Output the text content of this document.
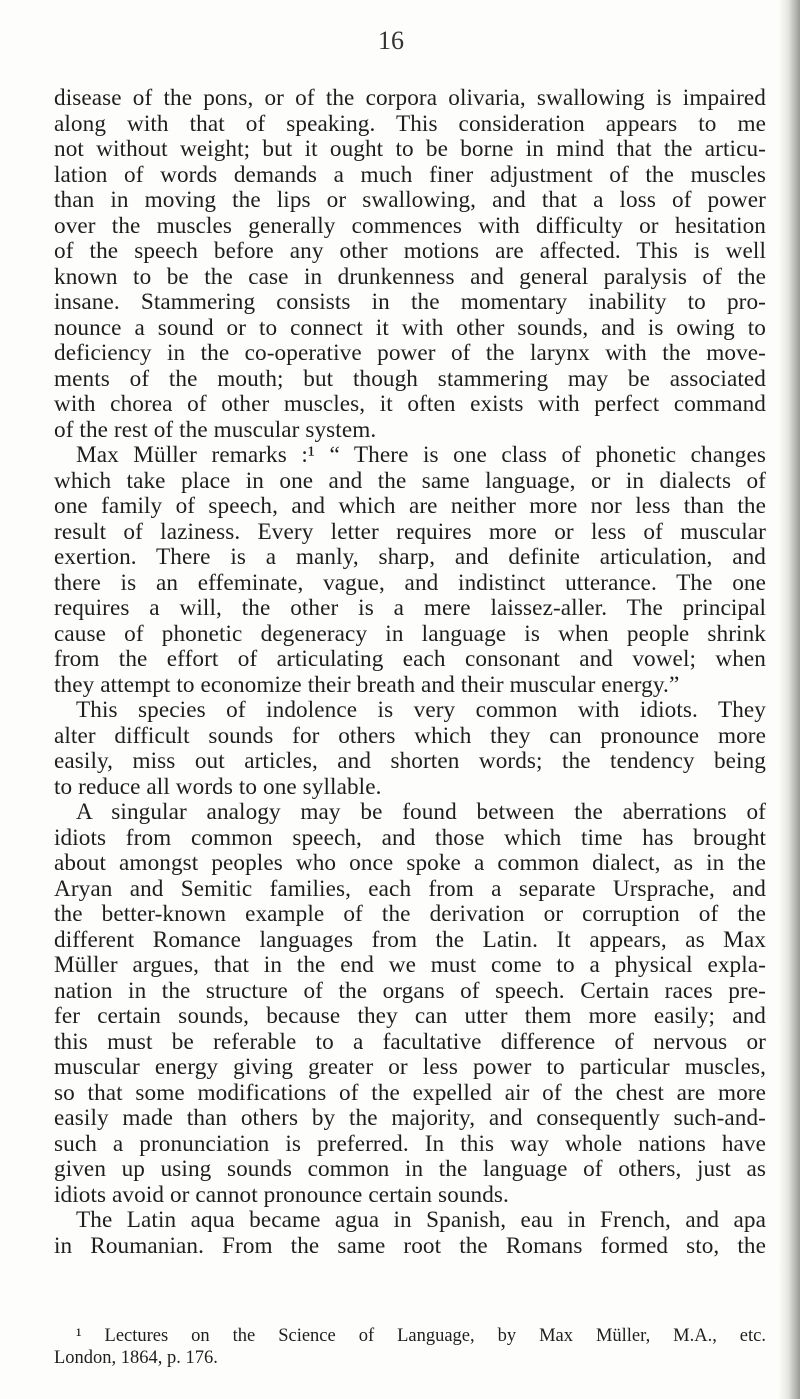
16
disease of the pons, or of the corpora olivaria, swallowing is impaired
along with that of speaking. This consideration appears to me
not without weight; but it ought to be borne in mind that the articu-
lation of words demands a much finer adjustment of the muscles
than in moving the lips or swallowing, and that a loss of power
over the muscles generally commences with difficulty or hesitation
of the speech before any other motions are affected. This is well
known to be the case in drunkenness and general paralysis of the
insane. Stammering consists in the momentary inability to pro-
nounce a sound or to connect it with other sounds, and is owing to
deficiency in the co-operative power of the larynx with the move-
ments of the mouth; but though stammering may be associated
with chorea of other muscles, it often exists with perfect command
of the rest of the muscular system.
Max Müller remarks :¹ “ There is one class of phonetic changes
which take place in one and the same language, or in dialects of
one family of speech, and which are neither more nor less than the
result of laziness. Every letter requires more or less of muscular
exertion. There is a manly, sharp, and definite articulation, and
there is an effeminate, vague, and indistinct utterance. The one
requires a will, the other is a mere laissez-aller. The principal
cause of phonetic degeneracy in language is when people shrink
from the effort of articulating each consonant and vowel; when
they attempt to economize their breath and their muscular energy.”
This species of indolence is very common with idiots. They
alter difficult sounds for others which they can pronounce more
easily, miss out articles, and shorten words; the tendency being
to reduce all words to one syllable.
A singular analogy may be found between the aberrations of
idiots from common speech, and those which time has brought
about amongst peoples who once spoke a common dialect, as in the
Aryan and Semitic families, each from a separate Ursprache, and
the better-known example of the derivation or corruption of the
different Romance languages from the Latin. It appears, as Max
Müller argues, that in the end we must come to a physical expla-
nation in the structure of the organs of speech. Certain races pre-
fer certain sounds, because they can utter them more easily; and
this must be referable to a facultative difference of nervous or
muscular energy giving greater or less power to particular muscles,
so that some modifications of the expelled air of the chest are more
easily made than others by the majority, and consequently such-and-
such a pronunciation is preferred. In this way whole nations have
given up using sounds common in the language of others, just as
idiots avoid or cannot pronounce certain sounds.
The Latin aqua became agua in Spanish, eau in French, and apa
in Roumanian. From the same root the Romans formed sto, the
¹ Lectures on the Science of Language, by Max Müller, M.A., etc.
London, 1864, p. 176.
